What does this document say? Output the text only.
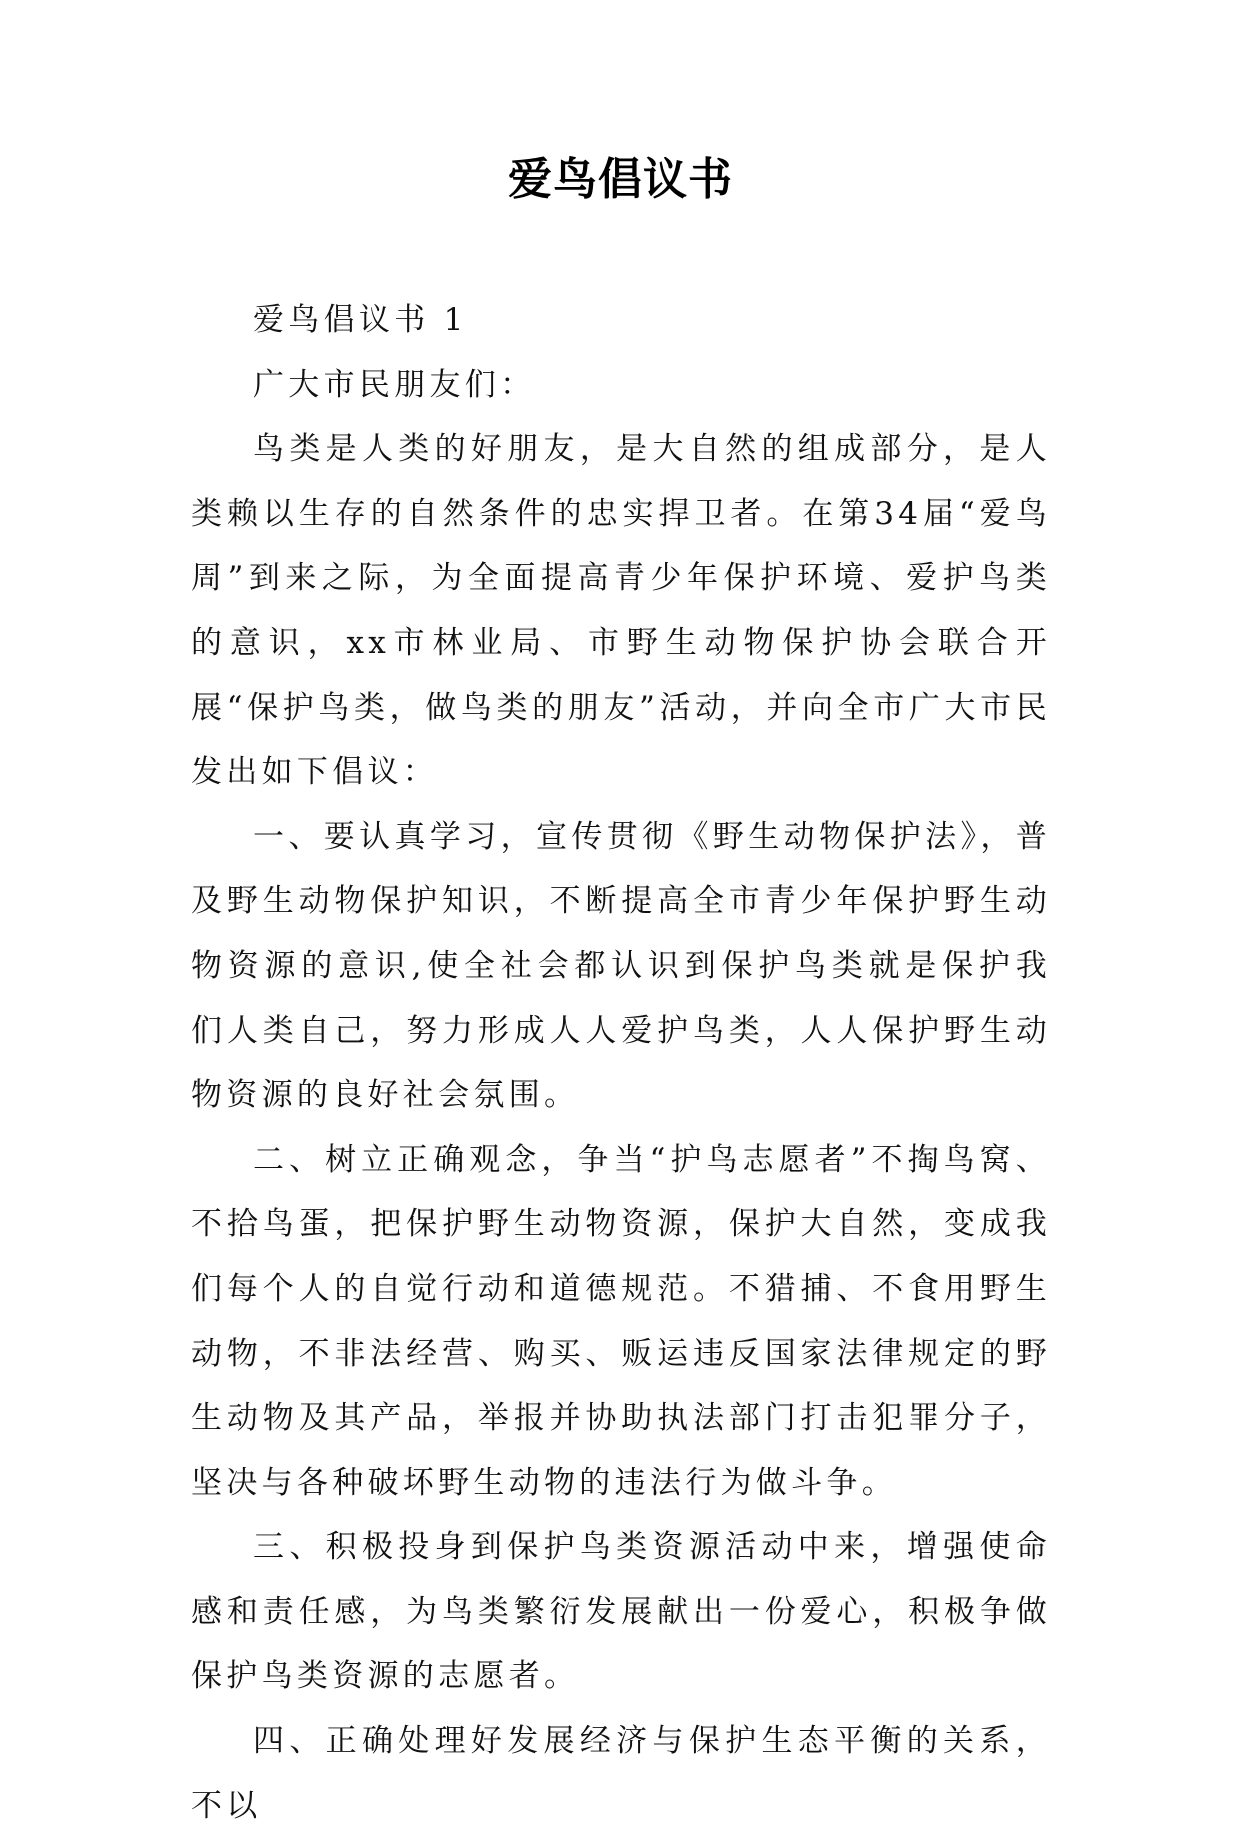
爱鸟倡议书

爱鸟倡议书 1

广大市民朋友们：

鸟类是人类的好朋友，是大自然的组成部分，是人类赖以生存的自然条件的忠实捍卫者。在第34届“爱鸟周”到来之际，为全面提高青少年保护环境、爱护鸟类的意识，xx市林业局、市野生动物保护协会联合开展“保护鸟类，做鸟类的朋友”活动，并向全市广大市民发出如下倡议：

一、要认真学习，宣传贯彻《野生动物保护法》，普及野生动物保护知识，不断提高全市青少年保护野生动物资源的意识,使全社会都认识到保护鸟类就是保护我们人类自己，努力形成人人爱护鸟类，人人保护野生动物资源的良好社会氛围。

二、树立正确观念，争当“护鸟志愿者”不掏鸟窝、不拾鸟蛋，把保护野生动物资源，保护大自然，变成我们每个人的自觉行动和道德规范。不猎捕、不食用野生动物，不非法经营、购买、贩运违反国家法律规定的野生动物及其产品，举报并协助执法部门打击犯罪分子，坚决与各种破坏野生动物的违法行为做斗争。

三、积极投身到保护鸟类资源活动中来，增强使命感和责任感，为鸟类繁衍发展献出一份爱心，积极争做保护鸟类资源的志愿者。

四、正确处理好发展经济与保护生态平衡的关系，不以
